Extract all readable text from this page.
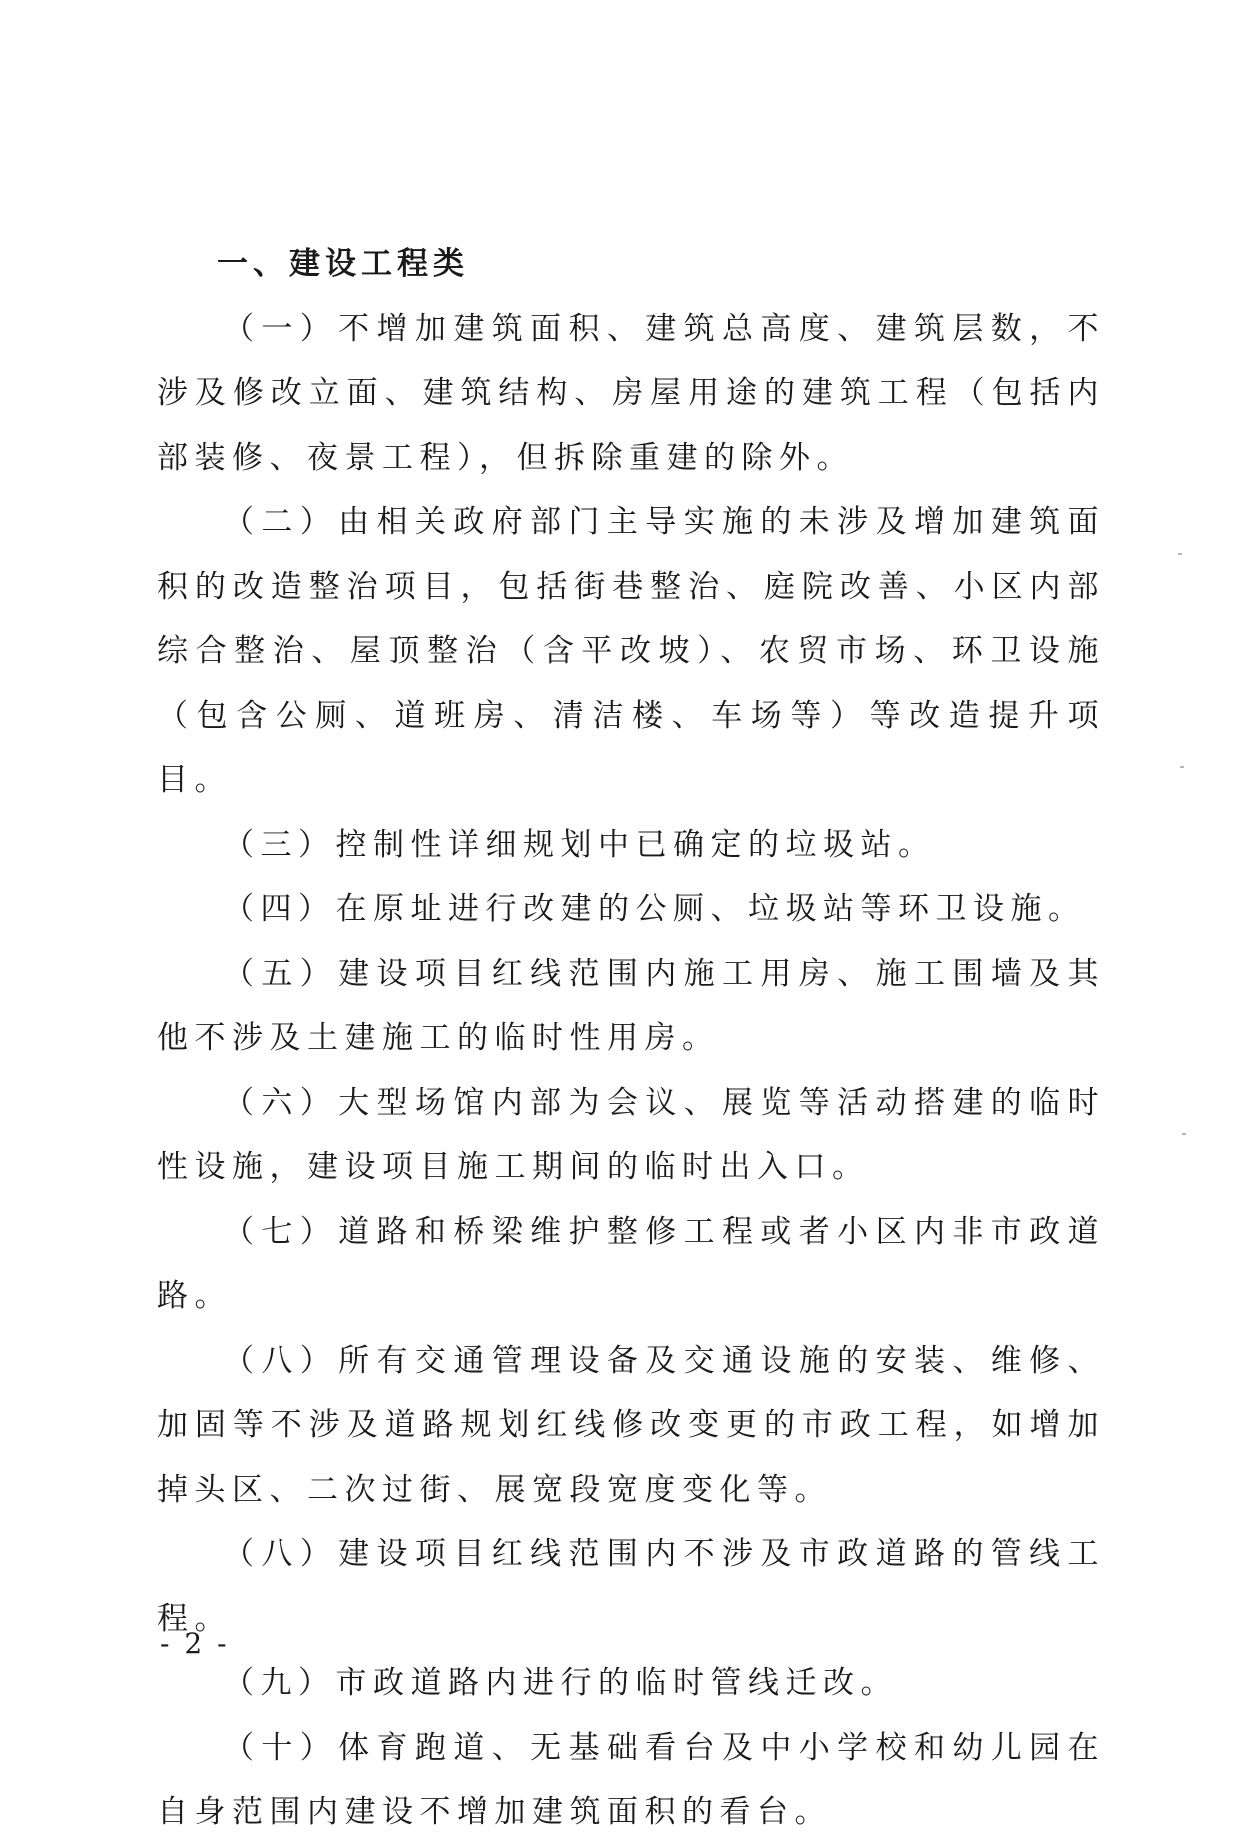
一、建设工程类

（一）不增加建筑面积、建筑总高度、建筑层数，不涉及修改立面、建筑结构、房屋用途的建筑工程（包括内部装修、夜景工程），但拆除重建的除外。

（二）由相关政府部门主导实施的未涉及增加建筑面积的改造整治项目，包括街巷整治、庭院改善、小区内部综合整治、屋顶整治（含平改坡）、农贸市场、环卫设施（包含公厕、道班房、清洁楼、车场等）等改造提升项目。

（三）控制性详细规划中已确定的垃圾站。

（四）在原址进行改建的公厕、垃圾站等环卫设施。

（五）建设项目红线范围内施工用房、施工围墙及其他不涉及土建施工的临时性用房。

（六）大型场馆内部为会议、展览等活动搭建的临时性设施，建设项目施工期间的临时出入口。

（七）道路和桥梁维护整修工程或者小区内非市政道路。

（八）所有交通管理设备及交通设施的安装、维修、加固等不涉及道路规划红线修改变更的市政工程，如增加掉头区、二次过街、展宽段宽度变化等。

（八）建设项目红线范围内不涉及市政道路的管线工程。

（九）市政道路内进行的临时管线迁改。

（十）体育跑道、无基础看台及中小学校和幼儿园在自身范围内建设不增加建筑面积的看台。

- 2 -
